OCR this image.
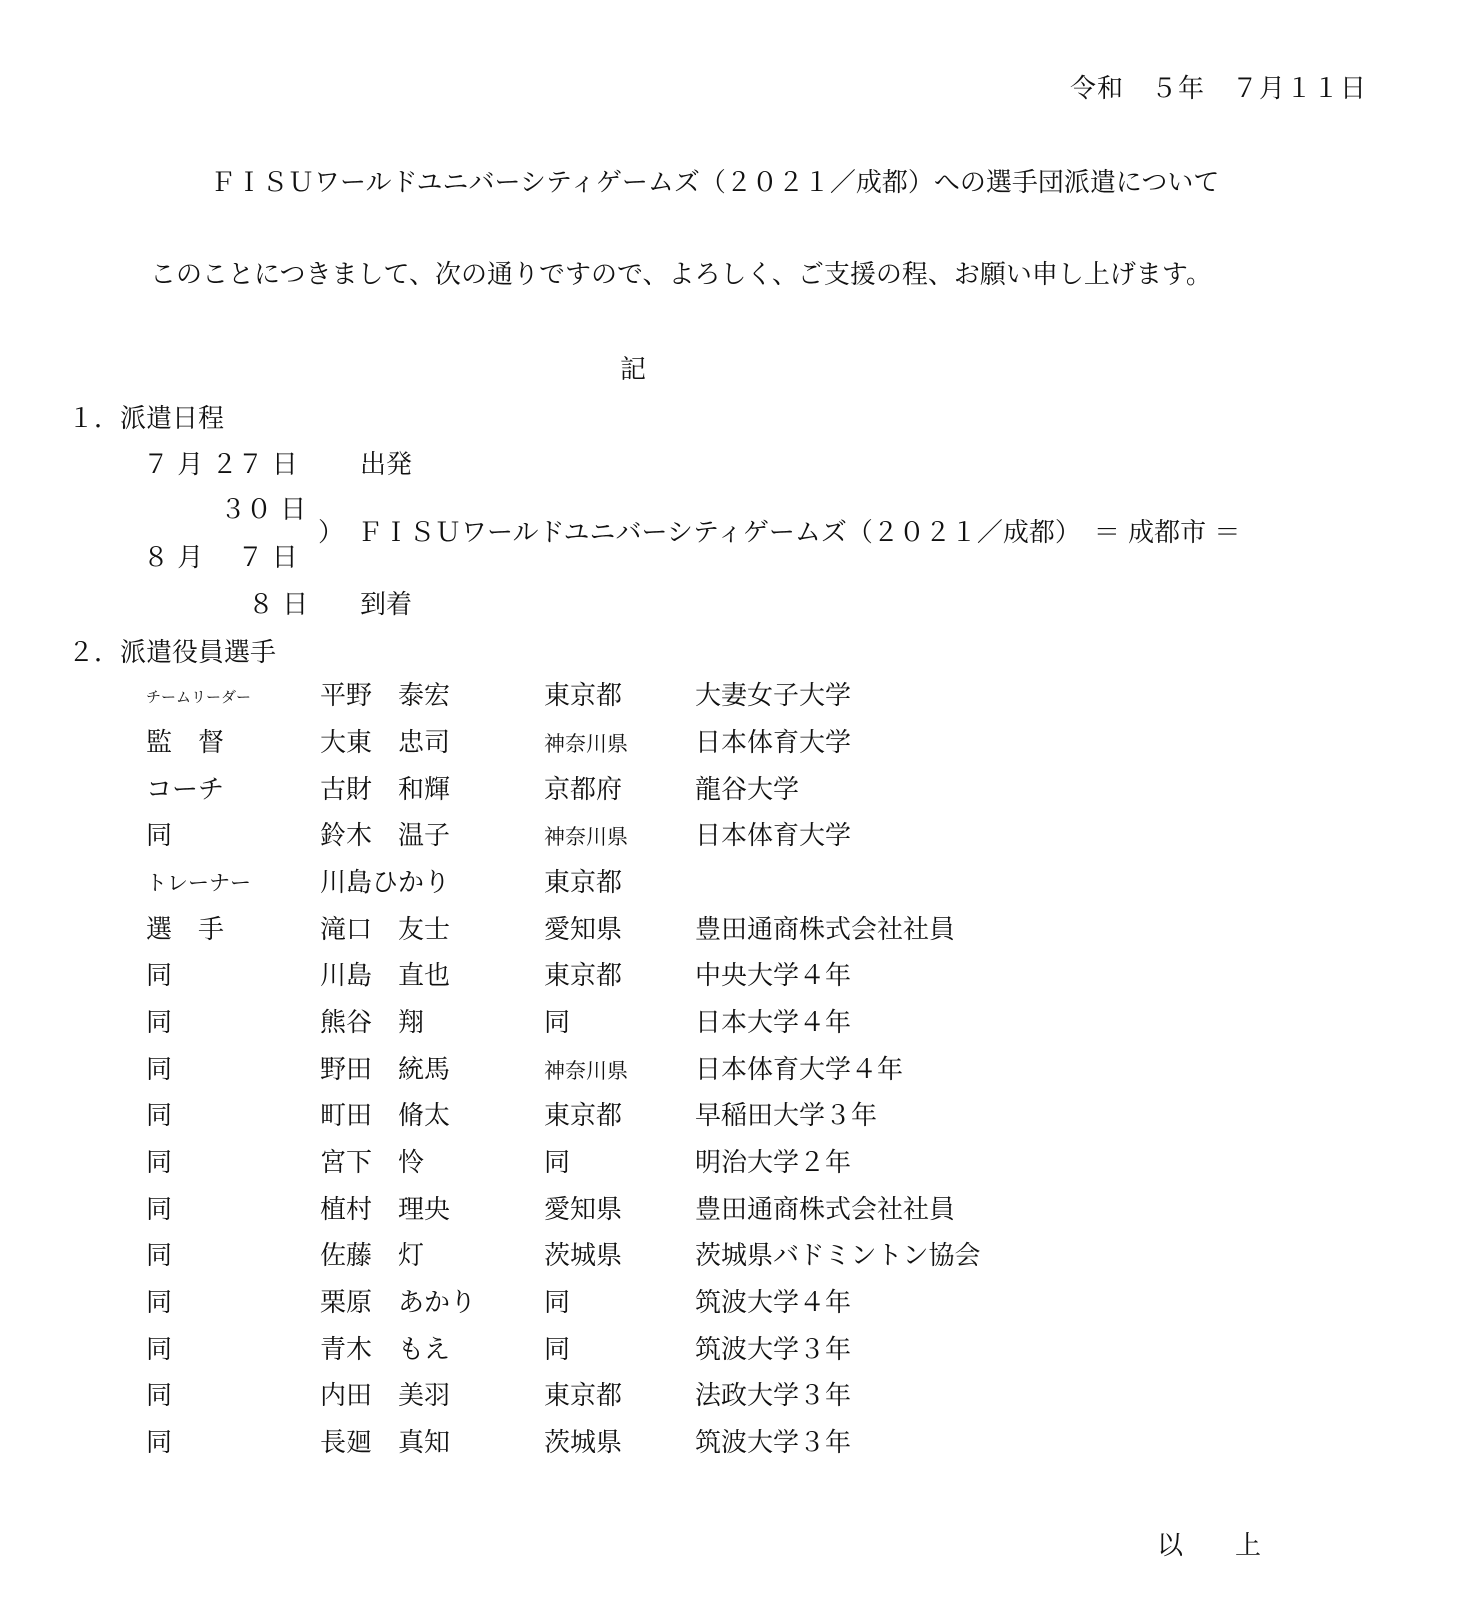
令和　５年　７月１１日
ＦＩＳＵワールドユニバーシティゲームズ（２０２１／成都）への選手団派遣について
このことにつきまして、次の通りですので、よろしく、ご支援の程、お願い申し上げます。
記
１．派遣日程
７ 月 ２７ 日 出発
３０ 日
）　ＦＩＳＵワールドユニバーシティゲームズ（２０２１／成都）　＝ 成都市 ＝
８ 月　 ７ 日
８ 日 到着
２．派遣役員選手
チームリーダー	平野　泰宏	東京都	大妻女子大学
監　督	大東　忠司	神奈川県	日本体育大学
コーチ	古財　和輝	京都府	龍谷大学
同	鈴木　温子	神奈川県	日本体育大学
トレーナー	川島ひかり	東京都
選　手	滝口　友士	愛知県	豊田通商株式会社社員
同	川島　直也	東京都	中央大学４年
同	熊谷　翔	同	日本大学４年
同	野田　統馬	神奈川県	日本体育大学４年
同	町田　脩太	東京都	早稲田大学３年
同	宮下　怜	同	明治大学２年
同	植村　理央	愛知県	豊田通商株式会社社員
同	佐藤　灯	茨城県	茨城県バドミントン協会
同	栗原　あかり	同	筑波大学４年
同	青木　もえ	同	筑波大学３年
同	内田　美羽	東京都	法政大学３年
同	長廻　真知	茨城県	筑波大学３年
以　　上
